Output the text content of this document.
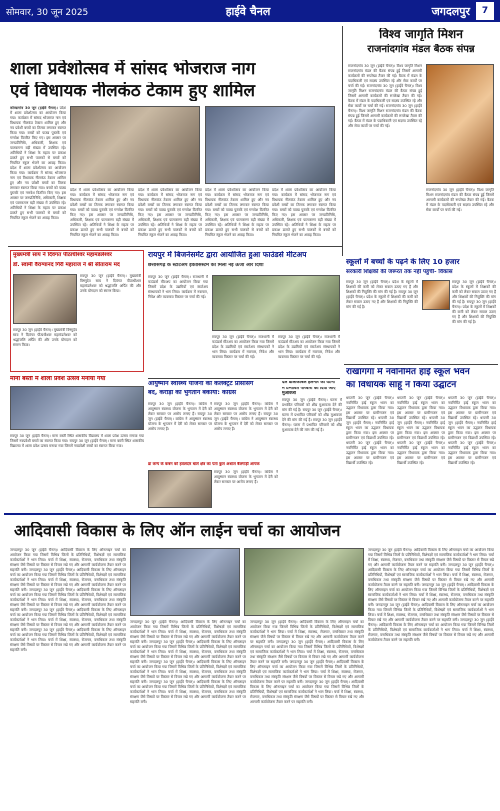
सोमवार, 30 जून 2025	हाईवे चैनल	जगदलपुर	7
शाला प्रवेशोत्सव में सांसद भोजराज नाग
एवं विधायक नीलकंठ टेकाम हुए शामिल
कोण्डागांव 30 जून (हाईवे चैनल)। प्रदेश में शाला प्रवेशोत्सव का आयोजन किया गया। कार्यक्रम में सांसद भोजराज नाग एवं विधायक नीलकंठ टेकाम शामिल हुए और नव प्रवेशी बच्चों का तिलक लगाकर स्वागत किया गया। बच्चों को पाठ्य पुस्तकें एवं गणवेश वितरित किए गए। इस अवसर पर जनप्रतिनिधि, अधिकारी, शिक्षक एवं पालकगण बड़ी संख्या में उपस्थित रहे। अतिथियों ने शिक्षा के महत्व पर प्रकाश डालते हुए सभी पालकों से बच्चों को नियमित स्कूल भेजने का आग्रह किया। प्रदेश में शाला प्रवेशोत्सव का आयोजन किया गया। कार्यक्रम में सांसद भोजराज नाग एवं विधायक नीलकंठ टेकाम शामिल हुए और नव प्रवेशी बच्चों का तिलक लगाकर स्वागत किया गया। बच्चों को पाठ्य पुस्तकें एवं गणवेश वितरित किए गए। इस अवसर पर जनप्रतिनिधि, अधिकारी, शिक्षक एवं पालकगण बड़ी संख्या में उपस्थित रहे। अतिथियों ने शिक्षा के महत्व पर प्रकाश डालते हुए सभी पालकों से बच्चों को नियमित स्कूल भेजने का आग्रह किया।
प्रदेश में शाला प्रवेशोत्सव का आयोजन किया गया। कार्यक्रम में सांसद भोजराज नाग एवं विधायक नीलकंठ टेकाम शामिल हुए और नव प्रवेशी बच्चों का तिलक लगाकर स्वागत किया गया। बच्चों को पाठ्य पुस्तकें एवं गणवेश वितरित किए गए। इस अवसर पर जनप्रतिनिधि, अधिकारी, शिक्षक एवं पालकगण बड़ी संख्या में उपस्थित रहे। अतिथियों ने शिक्षा के महत्व पर प्रकाश डालते हुए सभी पालकों से बच्चों को नियमित स्कूल भेजने का आग्रह किया।
प्रदेश में शाला प्रवेशोत्सव का आयोजन किया गया। कार्यक्रम में सांसद भोजराज नाग एवं विधायक नीलकंठ टेकाम शामिल हुए और नव प्रवेशी बच्चों का तिलक लगाकर स्वागत किया गया। बच्चों को पाठ्य पुस्तकें एवं गणवेश वितरित किए गए। इस अवसर पर जनप्रतिनिधि, अधिकारी, शिक्षक एवं पालकगण बड़ी संख्या में उपस्थित रहे। अतिथियों ने शिक्षा के महत्व पर प्रकाश डालते हुए सभी पालकों से बच्चों को नियमित स्कूल भेजने का आग्रह किया।
प्रदेश में शाला प्रवेशोत्सव का आयोजन किया गया। कार्यक्रम में सांसद भोजराज नाग एवं विधायक नीलकंठ टेकाम शामिल हुए और नव प्रवेशी बच्चों का तिलक लगाकर स्वागत किया गया। बच्चों को पाठ्य पुस्तकें एवं गणवेश वितरित किए गए। इस अवसर पर जनप्रतिनिधि, अधिकारी, शिक्षक एवं पालकगण बड़ी संख्या में उपस्थित रहे। अतिथियों ने शिक्षा के महत्व पर प्रकाश डालते हुए सभी पालकों से बच्चों को नियमित स्कूल भेजने का आग्रह किया।
प्रदेश में शाला प्रवेशोत्सव का आयोजन किया गया। कार्यक्रम में सांसद भोजराज नाग एवं विधायक नीलकंठ टेकाम शामिल हुए और नव प्रवेशी बच्चों का तिलक लगाकर स्वागत किया गया। बच्चों को पाठ्य पुस्तकें एवं गणवेश वितरित किए गए। इस अवसर पर जनप्रतिनिधि, अधिकारी, शिक्षक एवं पालकगण बड़ी संख्या में उपस्थित रहे। अतिथियों ने शिक्षा के महत्व पर प्रकाश डालते हुए सभी पालकों से बच्चों को नियमित स्कूल भेजने का आग्रह किया।
विश्व जागृति मिशन
राजनांदगांव मंडल बैठक संपन्न
राजनांदगांव 30 जून (हाईवे चैनल)। विश्व जागृति मिशन राजनांदगांव मंडल की बैठक संपन्न हुई जिसमें आगामी कार्यक्रमों की रूपरेखा तैयार की गई। बैठक में मंडल के पदाधिकारी एवं सदस्य उपस्थित रहे और सेवा कार्यों पर चर्चा की गई। राजनांदगांव 30 जून (हाईवे चैनल)। विश्व जागृति मिशन राजनांदगांव मंडल की बैठक संपन्न हुई जिसमें आगामी कार्यक्रमों की रूपरेखा तैयार की गई। बैठक में मंडल के पदाधिकारी एवं सदस्य उपस्थित रहे और सेवा कार्यों पर चर्चा की गई। राजनांदगांव 30 जून (हाईवे चैनल)। विश्व जागृति मिशन राजनांदगांव मंडल की बैठक संपन्न हुई जिसमें आगामी कार्यक्रमों की रूपरेखा तैयार की गई। बैठक में मंडल के पदाधिकारी एवं सदस्य उपस्थित रहे और सेवा कार्यों पर चर्चा की गई।
राजनांदगांव 30 जून (हाईवे चैनल)। विश्व जागृति मिशन राजनांदगांव मंडल की बैठक संपन्न हुई जिसमें आगामी कार्यक्रमों की रूपरेखा तैयार की गई। बैठक में मंडल के पदाधिकारी एवं सदस्य उपस्थित रहे और सेवा कार्यों पर चर्चा की गई।
मुख्यमंत्री साय ने दिवंगत पीठाधीश्वर महामंडलेश्वर
डॉ. स्वामी वैराग्यानंद गिरी महाराज ने श्री सीताराम मंद
रायपुर 30 जून (हाईवे चैनल)। मुख्यमंत्री विष्णुदेव साय ने दिवंगत पीठाधीश्वर महामंडलेश्वर को श्रद्धांजलि अर्पित की और उनके योगदान को स्मरण किया।
रायपुर 30 जून (हाईवे चैनल)। मुख्यमंत्री विष्णुदेव साय ने दिवंगत पीठाधीश्वर महामंडलेश्वर को श्रद्धांजलि अर्पित की और उनके योगदान को स्मरण किया।
माना बस्ती में शाला प्रवेश उत्सव मनाया गया
रायपुर 30 जून (हाईवे चैनल)। माना बस्ती स्थित शासकीय विद्यालय में शाला प्रवेश उत्सव मनाया गया जिसमें नवप्रवेशी बच्चों का स्वागत किया गया। रायपुर 30 जून (हाईवे चैनल)। माना बस्ती स्थित शासकीय विद्यालय में शाला प्रवेश उत्सव मनाया गया जिसमें नवप्रवेशी बच्चों का स्वागत किया गया।
रायपुर में बिजनेसमेंट द्वारा आयोजित हुआ फाउंडर्स मीटअप
छत्तीसगढ़ के स्टार्टअप इकोसिस्टम को मिली नई ऊर्जा और दिशा
रायपुर 30 जून (हाईवे चैनल)। राजधानी में फाउंडर्स मीटअप का आयोजन किया गया जिसमें प्रदेश के उद्यमियों एवं स्टार्टअप संस्थापकों ने भाग लिया। कार्यक्रम में नवाचार, निवेश और व्यवसाय विस्तार पर चर्चा की गई।
रायपुर 30 जून (हाईवे चैनल)। राजधानी में फाउंडर्स मीटअप का आयोजन किया गया जिसमें प्रदेश के उद्यमियों एवं स्टार्टअप संस्थापकों ने भाग लिया। कार्यक्रम में नवाचार, निवेश और व्यवसाय विस्तार पर चर्चा की गई।
रायपुर 30 जून (हाईवे चैनल)। राजधानी में फाउंडर्स मीटअप का आयोजन किया गया जिसमें प्रदेश के उद्यमियों एवं स्टार्टअप संस्थापकों ने भाग लिया। कार्यक्रम में नवाचार, निवेश और व्यवसाय विस्तार पर चर्चा की गई।
आयुष्मान स्वास्थ्य योजना की कलेक्ट्रेट प्रोसेसिंग
बंद, करोड़ों का भुगतान बकाया: कांग्रेस
रायपुर 30 जून (हाईवे चैनल)। कांग्रेस ने आयुष्मान स्वास्थ्य योजना के भुगतान में देरी को लेकर सरकार पर आरोप लगाए हैं। रायपुर 30 जून (हाईवे चैनल)। कांग्रेस ने आयुष्मान स्वास्थ्य योजना के भुगतान में देरी को लेकर सरकार पर आरोप लगाए हैं।
रायपुर 30 जून (हाईवे चैनल)। कांग्रेस ने आयुष्मान स्वास्थ्य योजना के भुगतान में देरी को लेकर सरकार पर आरोप लगाए हैं। रायपुर 30 जून (हाईवे चैनल)। कांग्रेस ने आयुष्मान स्वास्थ्य योजना के भुगतान में देरी को लेकर सरकार पर आरोप लगाए हैं।
डा कन्य के कबन को हवलदार बाले क्षेत्र का पता कुल अशाल बैलगाड़ी आयक
रायपुर 30 जून (हाईवे चैनल)। कांग्रेस ने आयुष्मान स्वास्थ्य योजना के भुगतान में देरी को लेकर सरकार पर आरोप लगाए हैं।
दल डालाकाबल हलमार की घटना
में प्रभावित परिवारों को दिया जाए मुआवजा
रायपुर 30 जून (हाईवे चैनल)। घटना में प्रभावित परिवारों को शीघ्र मुआवजा देने की मांग की गई है। रायपुर 30 जून (हाईवे चैनल)। घटना में प्रभावित परिवारों को शीघ्र मुआवजा देने की मांग की गई है। रायपुर 30 जून (हाईवे चैनल)। घटना में प्रभावित परिवारों को शीघ्र मुआवजा देने की मांग की गई है।
स्कूलों में बच्चों के पढ़ने के लिए 10 हजार
सरकारी शिक्षकों की जरूरत तक नहीं पहुंची- विकास
रायपुर 30 जून (हाईवे चैनल)। प्रदेश के स्कूलों में शिक्षकों की कमी को लेकर सवाल उठाए गए हैं और शिक्षकों की नियुक्ति की मांग की गई है। रायपुर 30 जून (हाईवे चैनल)। प्रदेश के स्कूलों में शिक्षकों की कमी को लेकर सवाल उठाए गए हैं और शिक्षकों की नियुक्ति की मांग की गई है।
रायपुर 30 जून (हाईवे चैनल)। प्रदेश के स्कूलों में शिक्षकों की कमी को लेकर सवाल उठाए गए हैं और शिक्षकों की नियुक्ति की मांग की गई है। रायपुर 30 जून (हाईवे चैनल)। प्रदेश के स्कूलों में शिक्षकों की कमी को लेकर सवाल उठाए गए हैं और शिक्षकों की नियुक्ति की मांग की गई है।
राखांगंगा में नवनिर्मित हाई स्कूल भवन
का विधायक साहू ने किया उद्घाटन
धमतरी 30 जून (हाईवे चैनल)। नवनिर्मित हाई स्कूल भवन का उद्घाटन विधायक द्वारा किया गया। इस अवसर पर ग्रामीणजन एवं विद्यार्थी उपस्थित रहे। धमतरी 30 जून (हाईवे चैनल)। नवनिर्मित हाई स्कूल भवन का उद्घाटन विधायक द्वारा किया गया। इस अवसर पर ग्रामीणजन एवं विद्यार्थी उपस्थित रहे। धमतरी 30 जून (हाईवे चैनल)। नवनिर्मित हाई स्कूल भवन का उद्घाटन विधायक द्वारा किया गया। इस अवसर पर ग्रामीणजन एवं विद्यार्थी उपस्थित रहे।
धमतरी 30 जून (हाईवे चैनल)। नवनिर्मित हाई स्कूल भवन का उद्घाटन विधायक द्वारा किया गया। इस अवसर पर ग्रामीणजन एवं विद्यार्थी उपस्थित रहे। धमतरी 30 जून (हाईवे चैनल)। नवनिर्मित हाई स्कूल भवन का उद्घाटन विधायक द्वारा किया गया। इस अवसर पर ग्रामीणजन एवं विद्यार्थी उपस्थित रहे। धमतरी 30 जून (हाईवे चैनल)। नवनिर्मित हाई स्कूल भवन का उद्घाटन विधायक द्वारा किया गया। इस अवसर पर ग्रामीणजन एवं विद्यार्थी उपस्थित रहे।
धमतरी 30 जून (हाईवे चैनल)। नवनिर्मित हाई स्कूल भवन का उद्घाटन विधायक द्वारा किया गया। इस अवसर पर ग्रामीणजन एवं विद्यार्थी उपस्थित रहे। धमतरी 30 जून (हाईवे चैनल)। नवनिर्मित हाई स्कूल भवन का उद्घाटन विधायक द्वारा किया गया। इस अवसर पर ग्रामीणजन एवं विद्यार्थी उपस्थित रहे। धमतरी 30 जून (हाईवे चैनल)। नवनिर्मित हाई स्कूल भवन का उद्घाटन विधायक द्वारा किया गया। इस अवसर पर ग्रामीणजन एवं विद्यार्थी उपस्थित रहे।
आदिवासी विकास के लिए ऑन लाईन चर्चा का आयोजन
जगदलपुर 30 जून (हाईवे चैनल)। आदिवासी विकास के लिए ऑनलाइन चर्चा का आयोजन किया गया जिसमें विभिन्न जिलों के प्रतिनिधियों, विशेषज्ञों एवं सामाजिक कार्यकर्ताओं ने भाग लिया। चर्चा में शिक्षा, स्वास्थ्य, रोजगार, वनाधिकार तथा संस्कृति संरक्षण जैसे विषयों पर विस्तार से विचार रखे गए और आगामी कार्ययोजना तैयार करने पर सहमति बनी। जगदलपुर 30 जून (हाईवे चैनल)। आदिवासी विकास के लिए ऑनलाइन चर्चा का आयोजन किया गया जिसमें विभिन्न जिलों के प्रतिनिधियों, विशेषज्ञों एवं सामाजिक कार्यकर्ताओं ने भाग लिया। चर्चा में शिक्षा, स्वास्थ्य, रोजगार, वनाधिकार तथा संस्कृति संरक्षण जैसे विषयों पर विस्तार से विचार रखे गए और आगामी कार्ययोजना तैयार करने पर सहमति बनी। जगदलपुर 30 जून (हाईवे चैनल)। आदिवासी विकास के लिए ऑनलाइन चर्चा का आयोजन किया गया जिसमें विभिन्न जिलों के प्रतिनिधियों, विशेषज्ञों एवं सामाजिक कार्यकर्ताओं ने भाग लिया। चर्चा में शिक्षा, स्वास्थ्य, रोजगार, वनाधिकार तथा संस्कृति संरक्षण जैसे विषयों पर विस्तार से विचार रखे गए और आगामी कार्ययोजना तैयार करने पर सहमति बनी। जगदलपुर 30 जून (हाईवे चैनल)। आदिवासी विकास के लिए ऑनलाइन चर्चा का आयोजन किया गया जिसमें विभिन्न जिलों के प्रतिनिधियों, विशेषज्ञों एवं सामाजिक कार्यकर्ताओं ने भाग लिया। चर्चा में शिक्षा, स्वास्थ्य, रोजगार, वनाधिकार तथा संस्कृति संरक्षण जैसे विषयों पर विस्तार से विचार रखे गए और आगामी कार्ययोजना तैयार करने पर सहमति बनी। जगदलपुर 30 जून (हाईवे चैनल)। आदिवासी विकास के लिए ऑनलाइन चर्चा का आयोजन किया गया जिसमें विभिन्न जिलों के प्रतिनिधियों, विशेषज्ञों एवं सामाजिक कार्यकर्ताओं ने भाग लिया। चर्चा में शिक्षा, स्वास्थ्य, रोजगार, वनाधिकार तथा संस्कृति संरक्षण जैसे विषयों पर विस्तार से विचार रखे गए और आगामी कार्ययोजना तैयार करने पर सहमति बनी।
जगदलपुर 30 जून (हाईवे चैनल)। आदिवासी विकास के लिए ऑनलाइन चर्चा का आयोजन किया गया जिसमें विभिन्न जिलों के प्रतिनिधियों, विशेषज्ञों एवं सामाजिक कार्यकर्ताओं ने भाग लिया। चर्चा में शिक्षा, स्वास्थ्य, रोजगार, वनाधिकार तथा संस्कृति संरक्षण जैसे विषयों पर विस्तार से विचार रखे गए और आगामी कार्ययोजना तैयार करने पर सहमति बनी। जगदलपुर 30 जून (हाईवे चैनल)। आदिवासी विकास के लिए ऑनलाइन चर्चा का आयोजन किया गया जिसमें विभिन्न जिलों के प्रतिनिधियों, विशेषज्ञों एवं सामाजिक कार्यकर्ताओं ने भाग लिया। चर्चा में शिक्षा, स्वास्थ्य, रोजगार, वनाधिकार तथा संस्कृति संरक्षण जैसे विषयों पर विस्तार से विचार रखे गए और आगामी कार्ययोजना तैयार करने पर सहमति बनी। जगदलपुर 30 जून (हाईवे चैनल)। आदिवासी विकास के लिए ऑनलाइन चर्चा का आयोजन किया गया जिसमें विभिन्न जिलों के प्रतिनिधियों, विशेषज्ञों एवं सामाजिक कार्यकर्ताओं ने भाग लिया। चर्चा में शिक्षा, स्वास्थ्य, रोजगार, वनाधिकार तथा संस्कृति संरक्षण जैसे विषयों पर विस्तार से विचार रखे गए और आगामी कार्ययोजना तैयार करने पर सहमति बनी। जगदलपुर 30 जून (हाईवे चैनल)। आदिवासी विकास के लिए ऑनलाइन चर्चा का आयोजन किया गया जिसमें विभिन्न जिलों के प्रतिनिधियों, विशेषज्ञों एवं सामाजिक कार्यकर्ताओं ने भाग लिया। चर्चा में शिक्षा, स्वास्थ्य, रोजगार, वनाधिकार तथा संस्कृति संरक्षण जैसे विषयों पर विस्तार से विचार रखे गए और आगामी कार्ययोजना तैयार करने पर सहमति बनी।
जगदलपुर 30 जून (हाईवे चैनल)। आदिवासी विकास के लिए ऑनलाइन चर्चा का आयोजन किया गया जिसमें विभिन्न जिलों के प्रतिनिधियों, विशेषज्ञों एवं सामाजिक कार्यकर्ताओं ने भाग लिया। चर्चा में शिक्षा, स्वास्थ्य, रोजगार, वनाधिकार तथा संस्कृति संरक्षण जैसे विषयों पर विस्तार से विचार रखे गए और आगामी कार्ययोजना तैयार करने पर सहमति बनी। जगदलपुर 30 जून (हाईवे चैनल)। आदिवासी विकास के लिए ऑनलाइन चर्चा का आयोजन किया गया जिसमें विभिन्न जिलों के प्रतिनिधियों, विशेषज्ञों एवं सामाजिक कार्यकर्ताओं ने भाग लिया। चर्चा में शिक्षा, स्वास्थ्य, रोजगार, वनाधिकार तथा संस्कृति संरक्षण जैसे विषयों पर विस्तार से विचार रखे गए और आगामी कार्ययोजना तैयार करने पर सहमति बनी। जगदलपुर 30 जून (हाईवे चैनल)। आदिवासी विकास के लिए ऑनलाइन चर्चा का आयोजन किया गया जिसमें विभिन्न जिलों के प्रतिनिधियों, विशेषज्ञों एवं सामाजिक कार्यकर्ताओं ने भाग लिया। चर्चा में शिक्षा, स्वास्थ्य, रोजगार, वनाधिकार तथा संस्कृति संरक्षण जैसे विषयों पर विस्तार से विचार रखे गए और आगामी कार्ययोजना तैयार करने पर सहमति बनी। जगदलपुर 30 जून (हाईवे चैनल)। आदिवासी विकास के लिए ऑनलाइन चर्चा का आयोजन किया गया जिसमें विभिन्न जिलों के प्रतिनिधियों, विशेषज्ञों एवं सामाजिक कार्यकर्ताओं ने भाग लिया। चर्चा में शिक्षा, स्वास्थ्य, रोजगार, वनाधिकार तथा संस्कृति संरक्षण जैसे विषयों पर विस्तार से विचार रखे गए और आगामी कार्ययोजना तैयार करने पर सहमति बनी।
जगदलपुर 30 जून (हाईवे चैनल)। आदिवासी विकास के लिए ऑनलाइन चर्चा का आयोजन किया गया जिसमें विभिन्न जिलों के प्रतिनिधियों, विशेषज्ञों एवं सामाजिक कार्यकर्ताओं ने भाग लिया। चर्चा में शिक्षा, स्वास्थ्य, रोजगार, वनाधिकार तथा संस्कृति संरक्षण जैसे विषयों पर विस्तार से विचार रखे गए और आगामी कार्ययोजना तैयार करने पर सहमति बनी। जगदलपुर 30 जून (हाईवे चैनल)। आदिवासी विकास के लिए ऑनलाइन चर्चा का आयोजन किया गया जिसमें विभिन्न जिलों के प्रतिनिधियों, विशेषज्ञों एवं सामाजिक कार्यकर्ताओं ने भाग लिया। चर्चा में शिक्षा, स्वास्थ्य, रोजगार, वनाधिकार तथा संस्कृति संरक्षण जैसे विषयों पर विस्तार से विचार रखे गए और आगामी कार्ययोजना तैयार करने पर सहमति बनी। जगदलपुर 30 जून (हाईवे चैनल)। आदिवासी विकास के लिए ऑनलाइन चर्चा का आयोजन किया गया जिसमें विभिन्न जिलों के प्रतिनिधियों, विशेषज्ञों एवं सामाजिक कार्यकर्ताओं ने भाग लिया। चर्चा में शिक्षा, स्वास्थ्य, रोजगार, वनाधिकार तथा संस्कृति संरक्षण जैसे विषयों पर विस्तार से विचार रखे गए और आगामी कार्ययोजना तैयार करने पर सहमति बनी। जगदलपुर 30 जून (हाईवे चैनल)। आदिवासी विकास के लिए ऑनलाइन चर्चा का आयोजन किया गया जिसमें विभिन्न जिलों के प्रतिनिधियों, विशेषज्ञों एवं सामाजिक कार्यकर्ताओं ने भाग लिया। चर्चा में शिक्षा, स्वास्थ्य, रोजगार, वनाधिकार तथा संस्कृति संरक्षण जैसे विषयों पर विस्तार से विचार रखे गए और आगामी कार्ययोजना तैयार करने पर सहमति बनी। जगदलपुर 30 जून (हाईवे चैनल)। आदिवासी विकास के लिए ऑनलाइन चर्चा का आयोजन किया गया जिसमें विभिन्न जिलों के प्रतिनिधियों, विशेषज्ञों एवं सामाजिक कार्यकर्ताओं ने भाग लिया। चर्चा में शिक्षा, स्वास्थ्य, रोजगार, वनाधिकार तथा संस्कृति संरक्षण जैसे विषयों पर विस्तार से विचार रखे गए और आगामी कार्ययोजना तैयार करने पर सहमति बनी।
